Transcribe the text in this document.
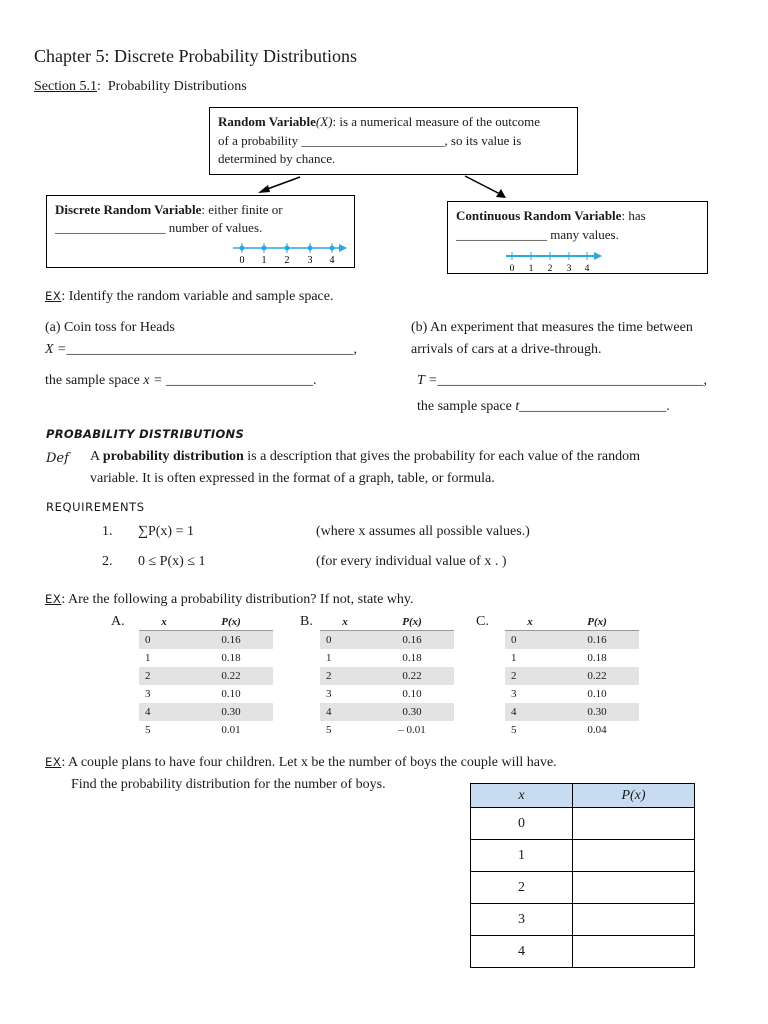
Chapter 5: Discrete Probability Distributions
Section 5.1: Probability Distributions
Random Variable(X): is a numerical measure of the outcome
of a probability ______________________, so its value is
determined by chance.
Discrete Random Variable: either finite or
_________________ number of values.
0 1 2 3 4
Continuous Random Variable: has
______________ many values.
0 1 2 3 4
EX: Identify the random variable and sample space.
(a) Coin toss for Heads
X =_________________________________________,
the sample space x = _____________________.
(b) An experiment that measures the time between
arrivals of cars at a drive-through.
T =______________________________________,
the sample space t_____________________.
PROBABILITY DISTRIBUTIONS
Def A probability distribution is a description that gives the probability for each value of the random
variable. It is often expressed in the format of a graph, table, or formula.
REQUIREMENTS
1. ∑P(x) = 1	(where x assumes all possible values.)
2. 0 ≤ P(x) ≤ 1	(for every individual value of x . )
EX: Are the following a probability distribution? If not, state why.
A.	x	P(x)
0	0.16
1	0.18
2	0.22
3	0.10
4	0.30
5	0.01
B.	x	P(x)
0	0.16
1	0.18
2	0.22
3	0.10
4	0.30
5	– 0.01
C.	x	P(x)
0	0.16
1	0.18
2	0.22
3	0.10
4	0.30
5	0.04
EX: A couple plans to have four children. Let x be the number of boys the couple will have.
Find the probability distribution for the number of boys.
x	P(x)
0	
1	
2	
3	
4	
